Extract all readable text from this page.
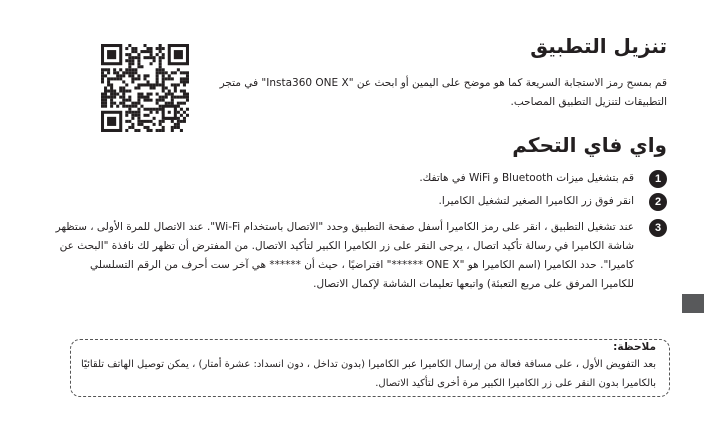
تنزيل التطبيق

قم بمسح رمز الاستجابة السريعة كما هو موضح على اليمين أو ابحث عن "Insta360 ONE X" في متجر التطبيقات لتنزيل التطبيق المصاحب.

واي فاي التحكم
1
قم بتشغيل ميزات Bluetooth و WiFi في هاتفك.
2
انقر فوق زر الكاميرا الصغير لتشغيل الكاميرا.
3
عند تشغيل التطبيق ، انقر على رمز الكاميرا أسفل صفحة التطبيق وحدد "الاتصال باستخدام Wi-Fi". عند الاتصال للمرة الأولى ، ستظهر شاشة الكاميرا في رسالة تأكيد اتصال ، يرجى النقر على زر الكاميرا الكبير لتأكيد الاتصال. من المفترض أن تظهر لك نافذة "البحث عن كاميرا". حدد الكاميرا (اسم الكاميرا هو "ONE X ******" افتراضيًا ، حيث أن ****** هي آخر ست أحرف من الرقم التسلسلي للكاميرا المرفق على مربع التعبئة) واتبعها تعليمات الشاشة لإكمال الاتصال.

ملاحظة:

بعد التفويض الأول ، على مسافة فعالة من إرسال الكاميرا عبر الكاميرا (بدون تداخل ، دون انسداد: عشرة أمتار) ، يمكن توصيل الهاتف تلقائيًا بالكاميرا بدون النقر على زر الكاميرا الكبير مرة أخرى لتأكيد الاتصال.
